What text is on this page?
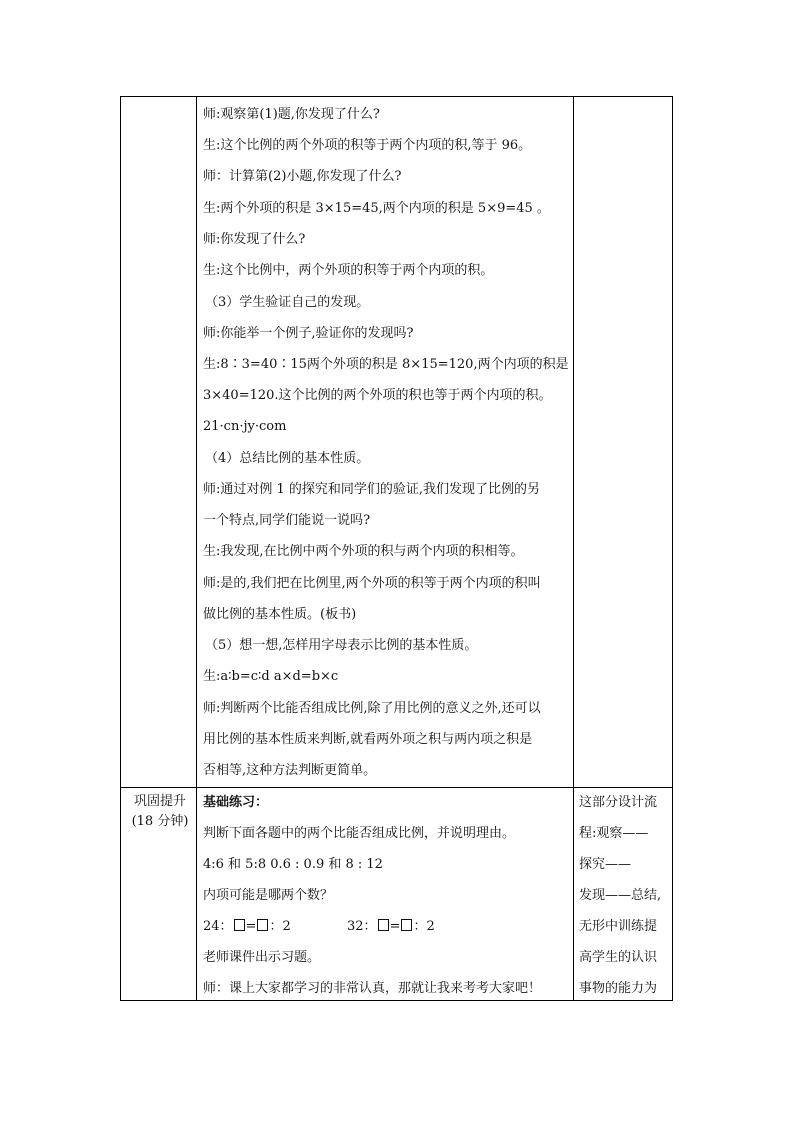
师:观察第(1)题,你发现了什么?
生:这个比例的两个外项的积等于两个内项的积,等于 96。
师：计算第(2)小题,你发现了什么?
生:两个外项的积是 3×15=45,两个内项的积是 5×9=45 。
师:你发现了什么?
生:这个比例中，两个外项的积等于两个内项的积。
（3）学生验证自己的发现。
师:你能举一个例子,验证你的发现吗?
生:8∶3=40∶15两个外项的积是 8×15=120,两个内项的积是
3×40=120.这个比例的两个外项的积也等于两个内项的积。
21·cn·jy·com
（4）总结比例的基本性质。
师:通过对例 1 的探究和同学们的验证,我们发现了比例的另
一个特点,同学们能说一说吗?
生:我发现,在比例中两个外项的积与两个内项的积相等。
师:是的,我们把在比例里,两个外项的积等于两个内项的积叫
做比例的基本性质。(板书)
（5）想一想,怎样用字母表示比例的基本性质。
生:a∶b=c∶d a×d=b×c
师:判断两个比能否组成比例,除了用比例的意义之外,还可以
用比例的基本性质来判断,就看两外项之积与两内项之积是
否相等,这种方法判断更简单。
巩固提升
(18 分钟)
基础练习：
判断下面各题中的两个比能否组成比例，并说明理由。
4:6 和 5:8 0.6 : 0.9 和 8 : 12
内项可能是哪两个数？
24： = ：2	32： = ：2
老师课件出示习题。
师：课上大家都学习的非常认真，那就让我来考考大家吧！
这部分设计流
程:观察——
探究——
发现——总结,
无形中训练提
高学生的认识
事物的能力为
